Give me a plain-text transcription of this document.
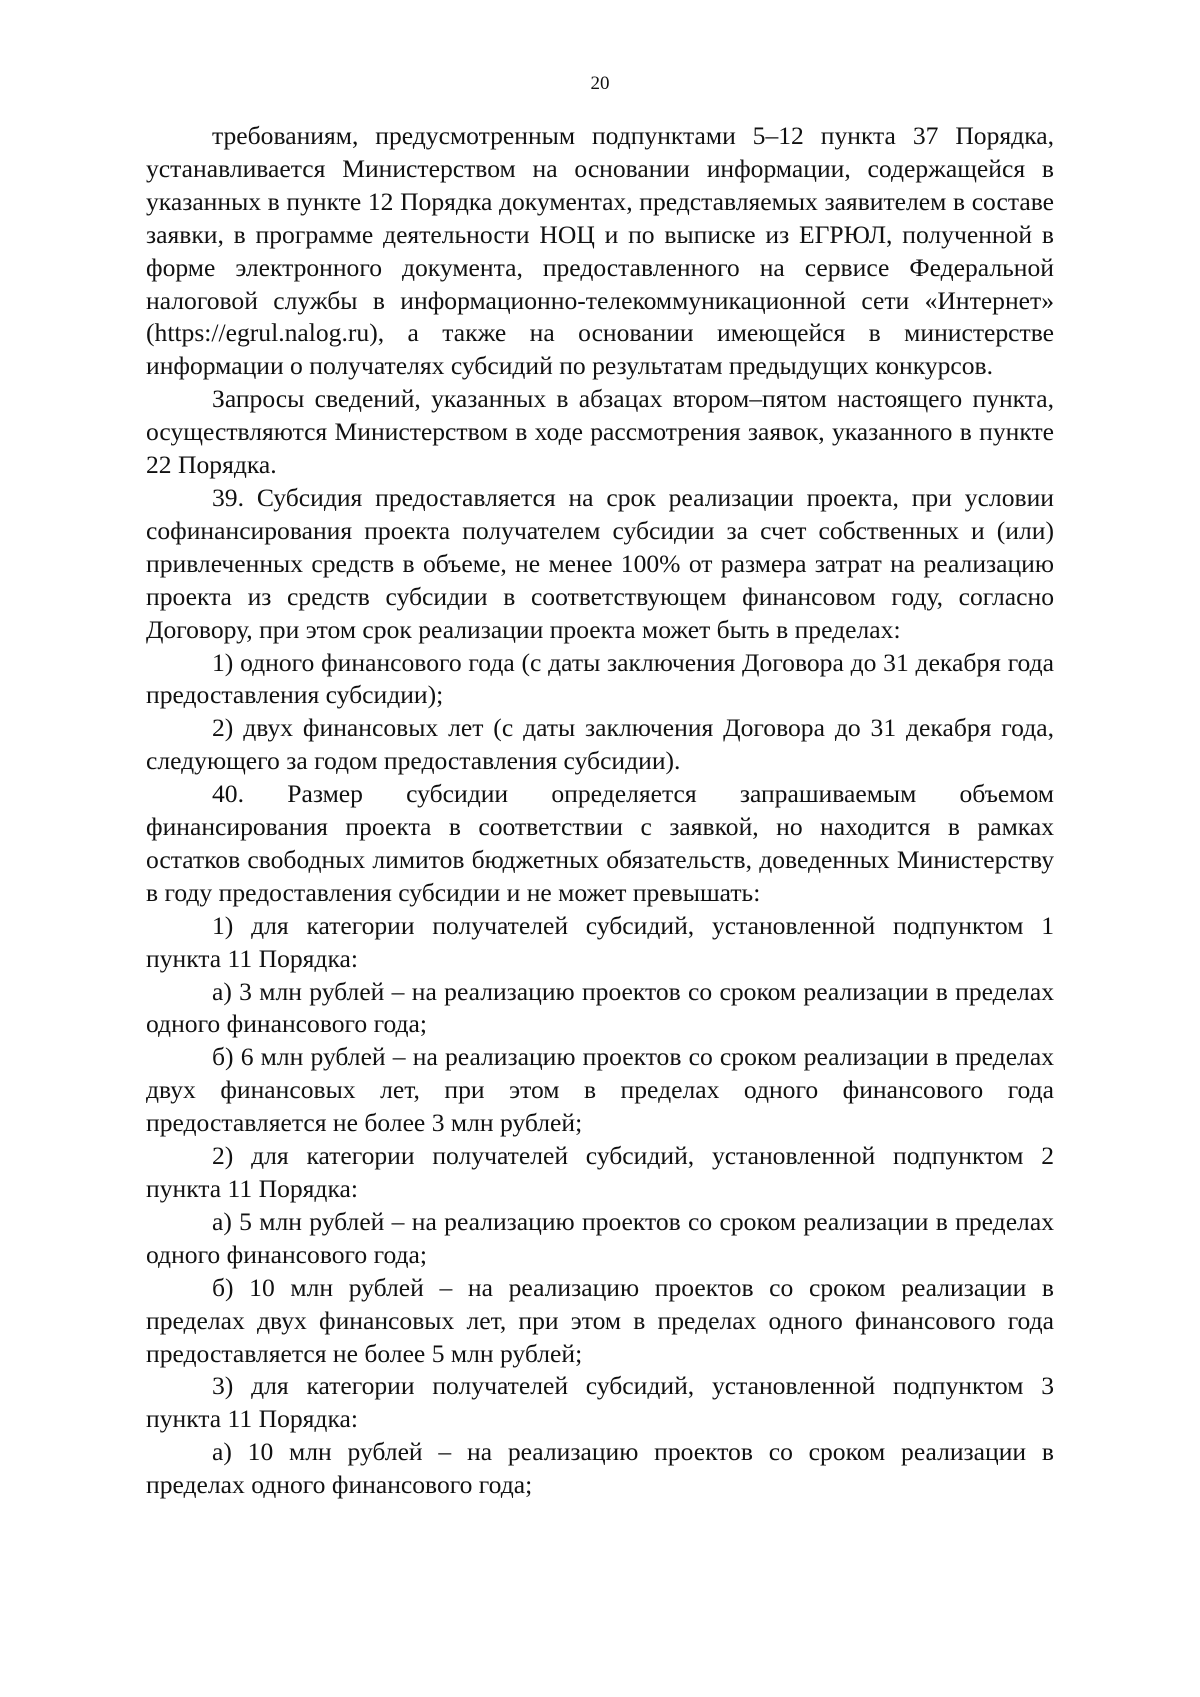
20

требованиям, предусмотренным подпунктами 5–12 пункта 37 Порядка, устанавливается Министерством на основании информации, содержащейся в указанных в пункте 12 Порядка документах, представляемых заявителем в составе заявки, в программе деятельности НОЦ и по выписке из ЕГРЮЛ, полученной в форме электронного документа, предоставленного на сервисе Федеральной налоговой службы в информационно-телекоммуникационной сети «Интернет» (https://egrul.nalog.ru), а также на основании имеющейся в министерстве информации о получателях субсидий по результатам предыдущих конкурсов.

Запросы сведений, указанных в абзацах втором–пятом настоящего пункта, осуществляются Министерством в ходе рассмотрения заявок, указанного в пункте 22 Порядка.

39. Субсидия предоставляется на срок реализации проекта, при условии софинансирования проекта получателем субсидии за счет собственных и (или) привлеченных средств в объеме, не менее 100% от размера затрат на реализацию проекта из средств субсидии в соответствующем финансовом году, согласно Договору, при этом срок реализации проекта может быть в пределах:

1) одного финансового года (с даты заключения Договора до 31 декабря года предоставления субсидии);

2) двух финансовых лет (с даты заключения Договора до 31 декабря года, следующего за годом предоставления субсидии).

40. Размер субсидии определяется запрашиваемым объемом финансирования проекта в соответствии с заявкой, но находится в рамках остатков свободных лимитов бюджетных обязательств, доведенных Министерству в году предоставления субсидии и не может превышать:

1) для категории получателей субсидий, установленной подпунктом 1 пункта 11 Порядка:

а) 3 млн рублей – на реализацию проектов со сроком реализации в пределах одного финансового года;

б) 6 млн рублей – на реализацию проектов со сроком реализации в пределах двух финансовых лет, при этом в пределах одного финансового года предоставляется не более 3 млн рублей;

2) для категории получателей субсидий, установленной подпунктом 2 пункта 11 Порядка:

а) 5 млн рублей – на реализацию проектов со сроком реализации в пределах одного финансового года;

б) 10 млн рублей – на реализацию проектов со сроком реализации в пределах двух финансовых лет, при этом в пределах одного финансового года предоставляется не более 5 млн рублей;

3) для категории получателей субсидий, установленной подпунктом 3 пункта 11 Порядка:

а) 10 млн рублей – на реализацию проектов со сроком реализации в пределах одного финансового года;
